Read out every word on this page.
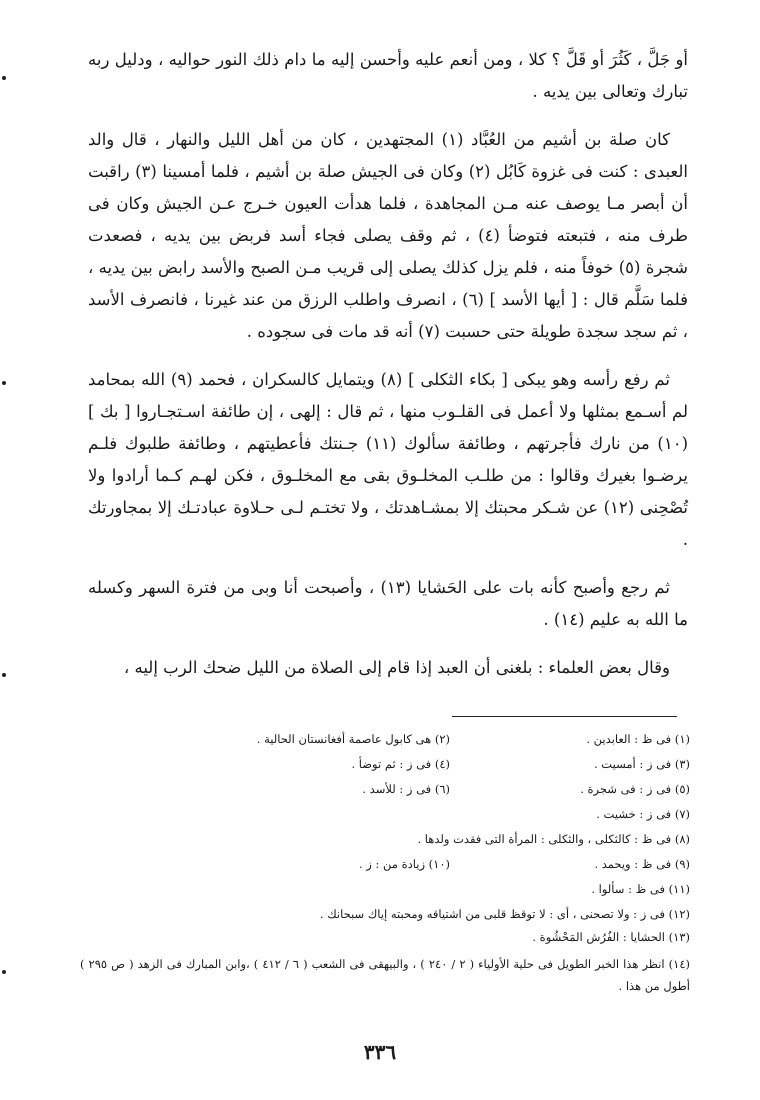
أو جَلَّ ، كَثُرَ أو قَلَّ ؟ كلا ، ومن أنعم عليه وأحسن إليه ما دام ذلك النور حواليه ، ودليل ربه تبارك وتعالى بين يديه .

كان صلة بن أشيم من العُبَّاد (١) المجتهدين ، كان من أهل الليل والنهار ، قال والد العبدى : كنت فى غزوة كَابُل (٢) وكان فى الجيش صلة بن أشيم ، فلما أمسينا (٣) راقبت أن أبصر مـا يوصف عنه مـن المجاهدة ، فلما هدأت العيون خـرج عـن الجيش وكان فى طرف منه ، فتبعته فتوضأ (٤) ، ثم وقف يصلى فجاء أسد فربض بين يديه ، فصعدت شجرة (٥) خوفاً منه ، فلم يزل كذلك يصلى إلى قريب مـن الصبح والأسد رابض بين يديه ، فلما سَلَّم قال : [ أيها الأسد ] (٦) ، انصرف واطلب الرزق من عند غيرنا ، فانصرف الأسد ، ثم سجد سجدة طويلة حتى حسبت (٧) أنه قد مات فى سجوده .

ثم رفع رأسه وهو يبكى [ بكاء الثكلى ] (٨) ويتمايل كالسكران ، فحمد (٩) الله بمحامد لم أسـمع بمثلها ولا أعمل فى القلـوب منها ، ثم قال : إلهى ، إن طائفة اسـتجـاروا [ بك ] (١٠) من نارك فأجرتهم ، وطائفة سألوك (١١) جـنتك فأعطيتهم ، وطائفة طلبوك فلـم يرضـوا بغيرك وقالوا : من طلـب المخلـوق بقى مع المخلـوق ، فكن لهـم كـما أرادوا ولا تُصْحِنى (١٢) عن شـكر محبتك إلا بمشـاهدتك ، ولا تختـم لـى حـلاوة عبادتـك إلا بمجاورتك .

ثم رجع وأصبح كأنه بات على الحَشايا (١٣) ، وأصبحت أنا وبى من فترة السهر وكسله ما الله به عليم (١٤) .

وقال بعض العلماء : بلغنى أن العبد إذا قام إلى الصلاة من الليل ضحك الرب إليه ،

(١) فى ظ : العابدين .
(٢) هى كابول عاصمة أفغانستان الحالية .
(٣) فى ز : أمسيت .
(٤) فى ز : ثم توضأ .
(٥) فى ز : فى شجرة .
(٦) فى ز : للأسد .
(٧) فى ز : خشيت .
(٨) فى ظ : كالثكلى ، والثكلى : المرأة التى فقدت ولدها .
(٩) فى ظ : ويحمد .
(١٠) زيادة من : ز .
(١١) فى ظ : سألوا .
(١٢) فى ز : ولا تصحنى ، أى : لا توقظ قلبى من اشتياقه ومحبته إياك سبحانك .
(١٣) الحشايا : الفُرُش المَحْشُوة .
(١٤) انظر هذا الخبر الطويل فى حلية الأولياء ( ٢ / ٢٤٠ ) ، والبيهقى فى الشعب ( ٦ / ٤١٢ ) ،وابن المبارك فى الزهد ( ص ٢٩٥ ) أطول من هذا .
٣٣٦
